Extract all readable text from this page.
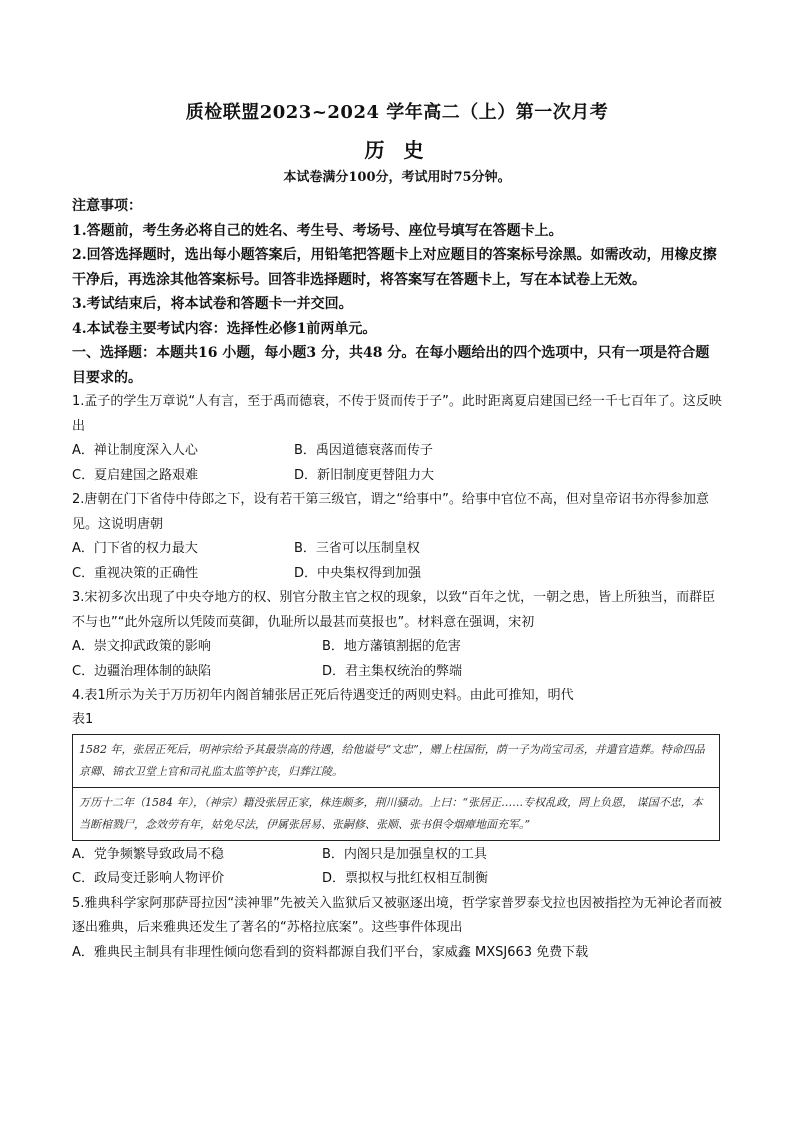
质检联盟2023~2024 学年高二（上）第一次月考
历 史
本试卷满分100分，考试用时75分钟。
注意事项：
1.答题前，考生务必将自己的姓名、考生号、考场号、座位号填写在答题卡上。
2.回答选择题时，选出每小题答案后，用铅笔把答题卡上对应题目的答案标号涂黑。如需改动，用橡皮擦干净后，再选涂其他答案标号。回答非选择题时，将答案写在答题卡上，写在本试卷上无效。
3.考试结束后，将本试卷和答题卡一并交回。
4.本试卷主要考试内容：选择性必修1前两单元。
一、选择题：本题共16 小题，每小题3 分，共48 分。在每小题给出的四个选项中，只有一项是符合题目要求的。
1.孟子的学生万章说“人有言，至于禹而德衰，不传于贤而传于子”。此时距离夏启建国已经一千七百年了。这反映出
A．禅让制度深入人心	B．禹因道德衰落而传子
C．夏启建国之路艰难	D．新旧制度更替阻力大
2.唐朝在门下省侍中侍郎之下，设有若干第三级官，谓之“给事中”。给事中官位不高，但对皇帝诏书亦得参加意见。这说明唐朝
A．门下省的权力最大	B．三省可以压制皇权
C．重视决策的正确性	D．中央集权得到加强
3.宋初多次出现了中央夺地方的权、别官分散主官之权的现象，以致“百年之忧，一朝之患，皆上所独当，而群臣不与也”“此外寇所以凭陵而莫御，仇耻所以最甚而莫报也”。材料意在强调，宋初
A．崇文抑武政策的影响	B．地方藩镇割据的危害
C．边疆治理体制的缺陷	D．君主集权统治的弊端
4.表1所示为关于万历初年内阁首辅张居正死后待遇变迁的两则史料。由此可推知，明代
表1
1582 年，张居正死后，明神宗给予其最崇高的待遇，给他谥号“文忠”，赠上柱国衔，荫一子为尚宝司丞，并遣官造葬。特命四品京卿、锦衣卫堂上官和司礼监太监等护丧，归葬江陵。
万历十二年（1584 年），（神宗）籍没张居正家，株连颇多，荆川骚动。上曰：“张居正……专权乱政，罔上负恩， 谋国不忠，本当断棺戮尸，念效劳有年，姑免尽法，伊属张居易、张嗣修、张顺、张书俱令烟瘴地面充军。”
A．党争频繁导致政局不稳	B．内阁只是加强皇权的工具
C．政局变迁影响人物评价	D．票拟权与批红权相互制衡
5.雅典科学家阿那萨哥拉因“渎神罪”先被关入监狱后又被驱逐出境，哲学家普罗泰戈拉也因被指控为无神论者而被逐出雅典，后来雅典还发生了著名的“苏格拉底案”。这些事件体现出
A．雅典民主制具有非理性倾向您看到的资料都源自我们平台，家威鑫 MXSJ663 免费下载
